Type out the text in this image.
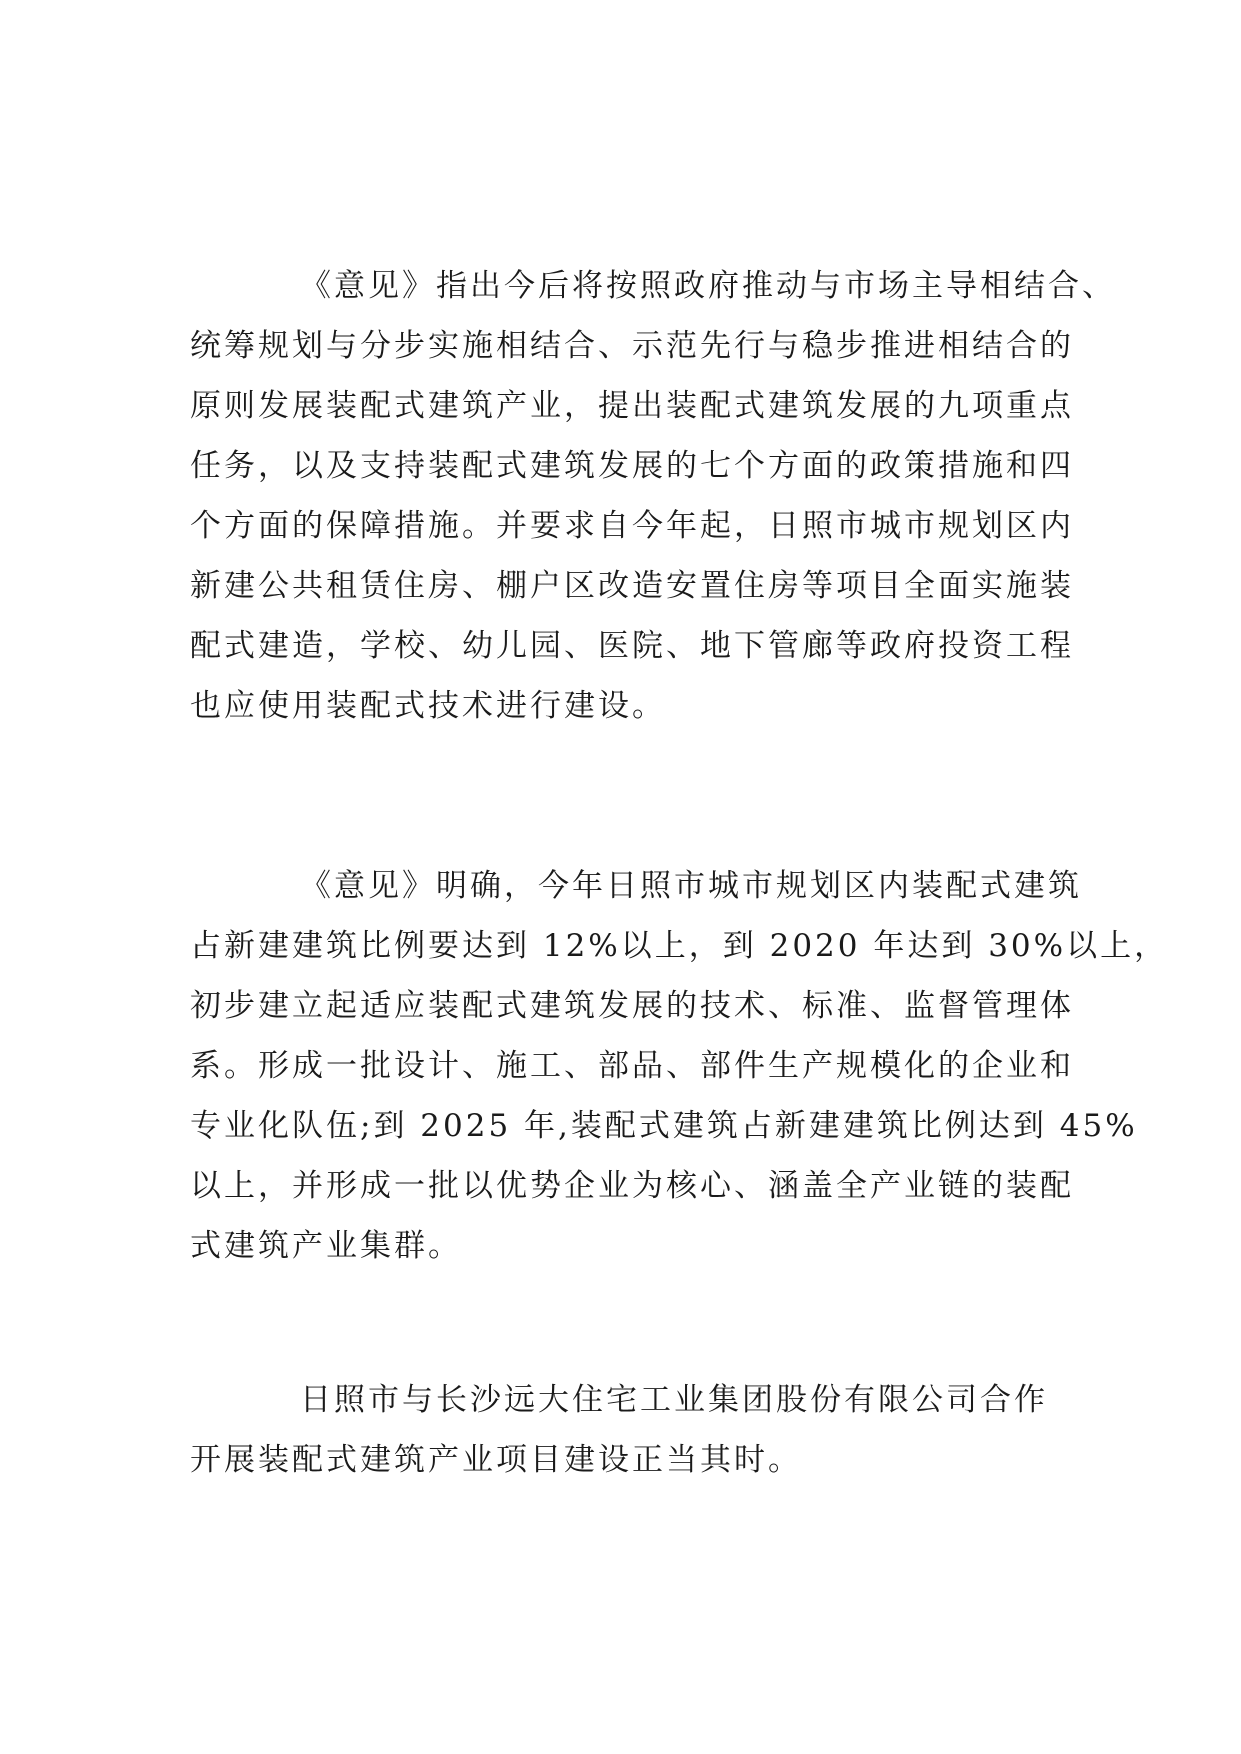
《意见》指出今后将按照政府推动与市场主导相结合、
统筹规划与分步实施相结合、示范先行与稳步推进相结合的
原则发展装配式建筑产业，提出装配式建筑发展的九项重点
任务，以及支持装配式建筑发展的七个方面的政策措施和四
个方面的保障措施。并要求自今年起，日照市城市规划区内
新建公共租赁住房、棚户区改造安置住房等项目全面实施装
配式建造，学校、幼儿园、医院、地下管廊等政府投资工程
也应使用装配式技术进行建设。
《意见》明确，今年日照市城市规划区内装配式建筑
占新建建筑比例要达到 12%以上，到 2020 年达到 30%以上，
初步建立起适应装配式建筑发展的技术、标准、监督管理体
系。形成一批设计、施工、部品、部件生产规模化的企业和
专业化队伍;到 2025 年,装配式建筑占新建建筑比例达到 45%
以上，并形成一批以优势企业为核心、涵盖全产业链的装配
式建筑产业集群。
日照市与长沙远大住宅工业集团股份有限公司合作
开展装配式建筑产业项目建设正当其时。
